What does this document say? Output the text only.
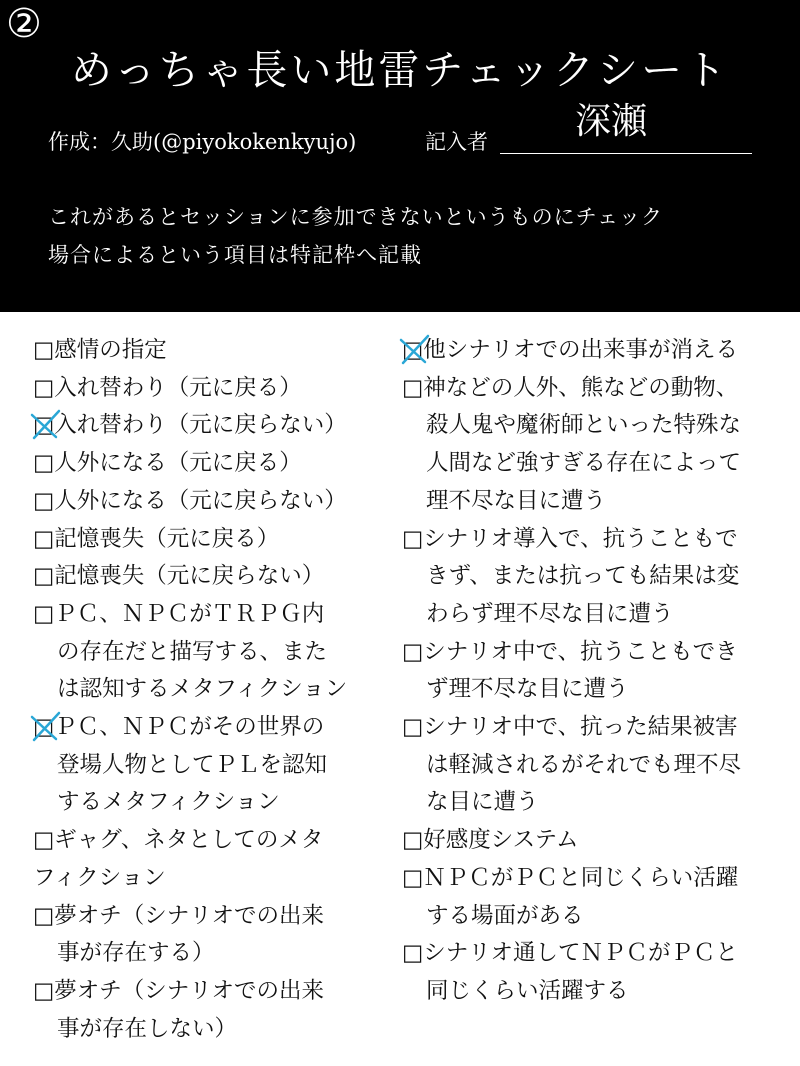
②
めっちゃ長い地雷チェックシート
作成：久助(@piyokokenkyujo)	記入者 深瀬
これがあるとセッションに参加できないというものにチェック
場合によるという項目は特記枠へ記載
□感情の指定
□入れ替わり（元に戻る）
□入れ替わり（元に戻らない）
□人外になる（元に戻る）
□人外になる（元に戻らない）
□記憶喪失（元に戻る）
□記憶喪失（元に戻らない）
□ＰＣ、ＮＰＣがＴＲＰＧ内
の存在だと描写する、また
は認知するメタフィクション
□ＰＣ、ＮＰＣがその世界の
登場人物としてＰＬを認知
するメタフィクション
□ギャグ、ネタとしてのメタ
フィクション
□夢オチ（シナリオでの出来
事が存在する）
□夢オチ（シナリオでの出来
事が存在しない）
□他シナリオでの出来事が消える
□神などの人外、熊などの動物、
殺人鬼や魔術師といった特殊な
人間など強すぎる存在によって
理不尽な目に遭う
□シナリオ導入で、抗うこともで
きず、または抗っても結果は変
わらず理不尽な目に遭う
□シナリオ中で、抗うこともでき
ず理不尽な目に遭う
□シナリオ中で、抗った結果被害
は軽減されるがそれでも理不尽
な目に遭う
□好感度システム
□ＮＰＣがＰＣと同じくらい活躍
する場面がある
□シナリオ通してＮＰＣがＰＣと
同じくらい活躍する
